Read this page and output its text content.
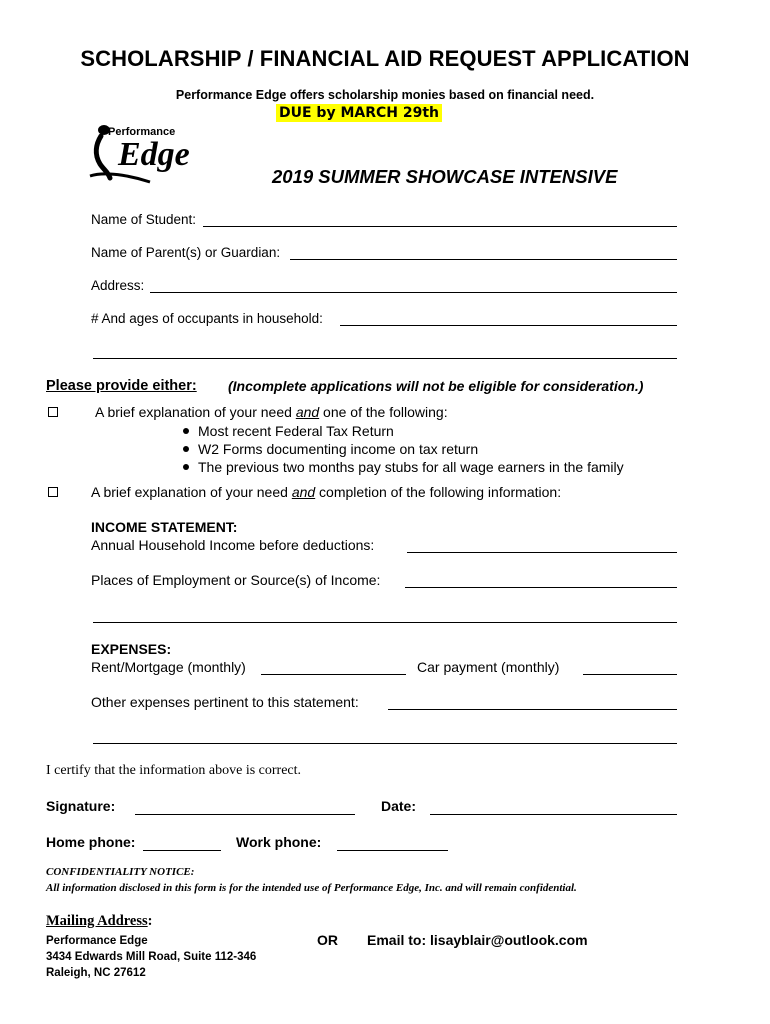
SCHOLARSHIP / FINANCIAL AID REQUEST APPLICATION
Performance Edge offers scholarship monies based on financial need.
DUE by MARCH 29th
Performance
Edge
2019 SUMMER SHOWCASE INTENSIVE
Name of Student:
Name of Parent(s) or Guardian:
Address:
# And ages of occupants in household:
Please provide either: (Incomplete applications will not be eligible for consideration.)
A brief explanation of your need and one of the following:
Most recent Federal Tax Return
W2 Forms documenting income on tax return
The previous two months pay stubs for all wage earners in the family
A brief explanation of your need and completion of the following information:
INCOME STATEMENT:
Annual Household Income before deductions:
Places of Employment or Source(s) of Income:
EXPENSES:
Rent/Mortgage (monthly)	Car payment (monthly)
Other expenses pertinent to this statement:
I certify that the information above is correct.
Signature:	Date:
Home phone:	Work phone:
CONFIDENTIALITY NOTICE:
All information disclosed in this form is for the intended use of Performance Edge, Inc. and will remain confidential.
Mailing Address:
Performance Edge
3434 Edwards Mill Road, Suite 112-346
Raleigh, NC 27612
OR Email to: lisayblair@outlook.com
